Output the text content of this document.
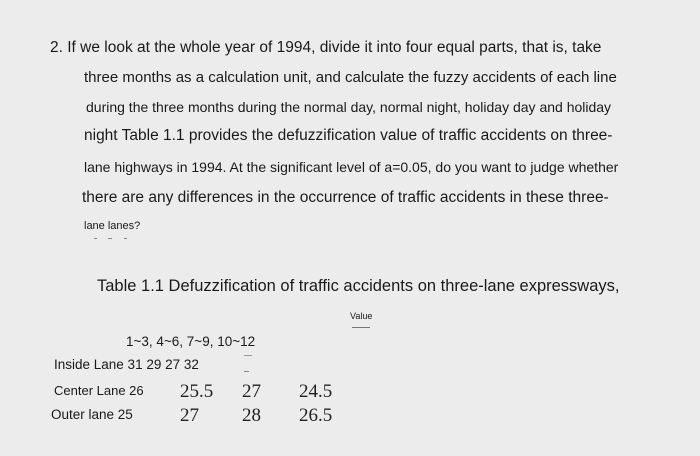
2. If we look at the whole year of 1994, divide it into four equal parts, that is, take
three months as a calculation unit, and calculate the fuzzy accidents of each line
during the three months during the normal day, normal night, holiday day and holiday
night Table 1.1 provides the defuzzification value of traffic accidents on three-
lane highways in 1994. At the significant level of a=0.05, do you want to judge whether
there are any differences in the occurrence of traffic accidents in these three-
lane lanes?
Table 1.1 Defuzzification of traffic accidents on three-lane expressways,
Value
1~3, 4~6, 7~9, 10~12
Inside Lane 31 29 27 32
Center Lane 26
Outer lane 25
25.5 27 24.5
27 28 26.5
